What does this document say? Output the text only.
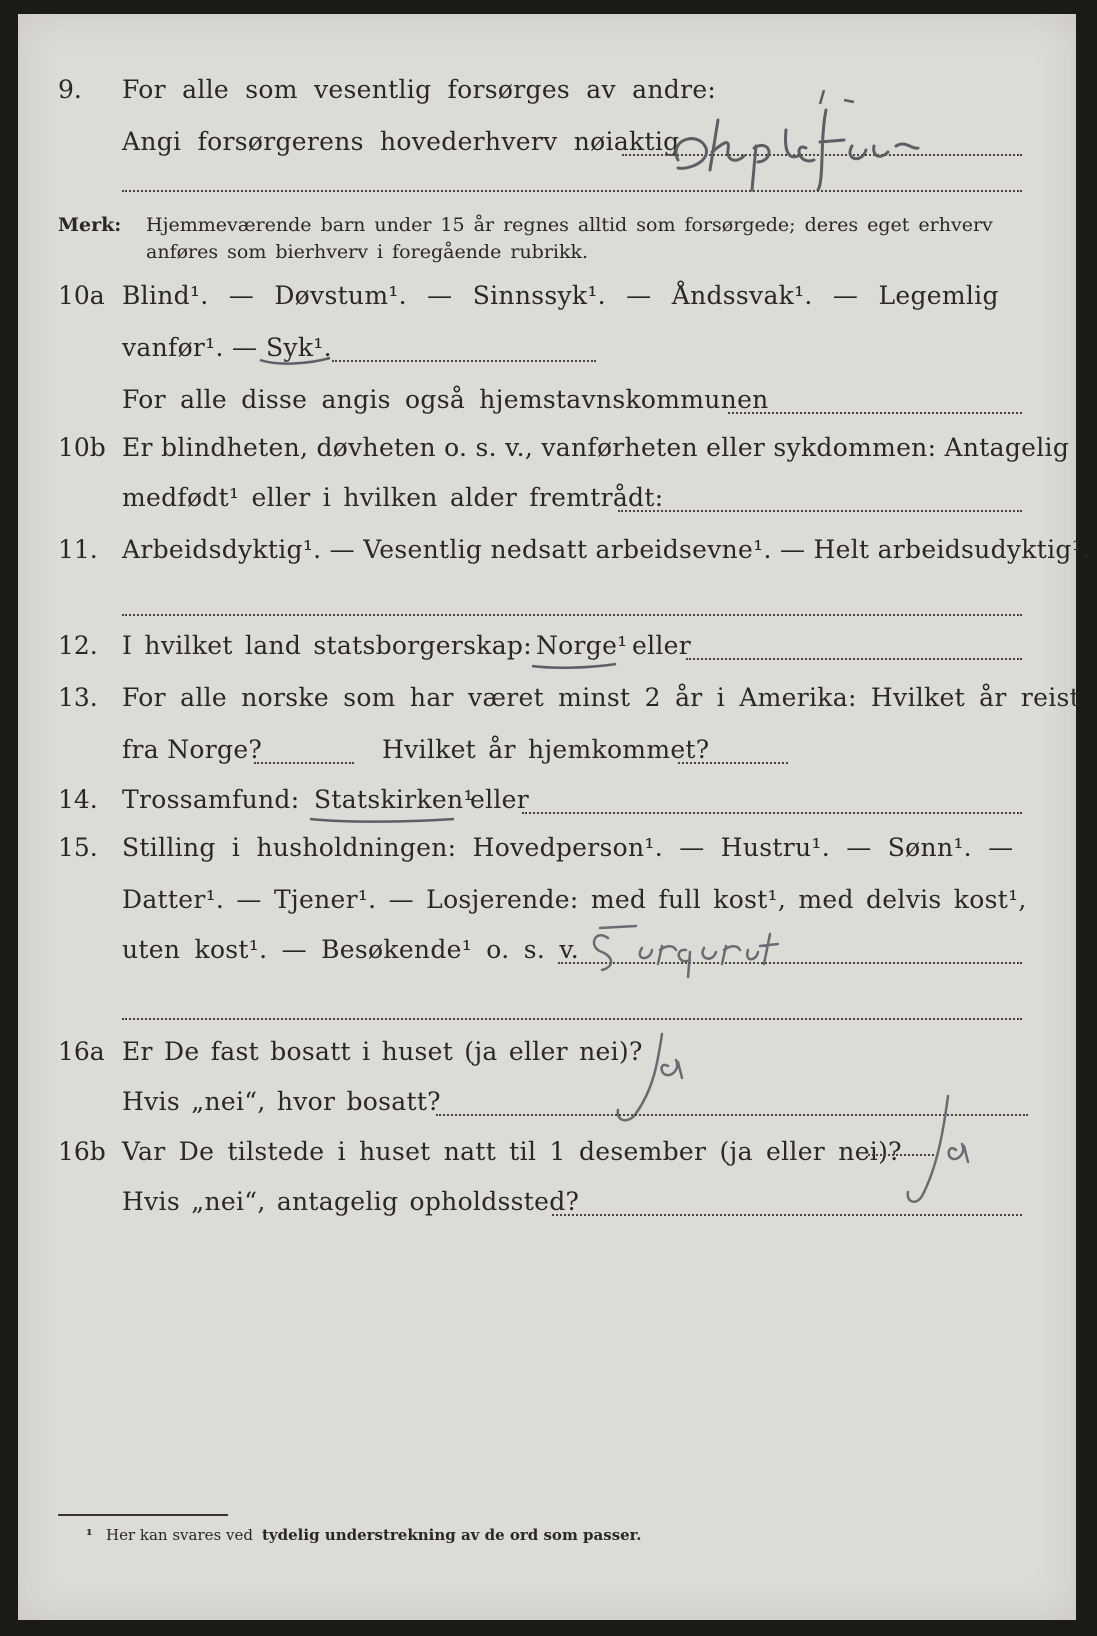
9. For alle som vesentlig forsørges av andre:
Angi forsørgerens hovederhverv nøiaktig
Merk: Hjemmeværende barn under 15 år regnes alltid som forsørgede; deres eget erhverv
anføres som bierhverv i foregående rubrikk.
10a Blind¹. — Døvstum¹. — Sinnssyk¹. — Åndssvak¹. — Legemlig
vanfør¹. — Syk¹.
For alle disse angis også hjemstavnskommunen
10b Er blindheten, døvheten o. s. v., vanførheten eller sykdommen: Antagelig
medfødt¹ eller i hvilken alder fremtrådt:
11. Arbeidsdyktig¹. — Vesentlig nedsatt arbeidsevne¹. — Helt arbeidsudyktig¹.
12. I hvilket land statsborgerskap: Norge¹ eller
13. For alle norske som har været minst 2 år i Amerika: Hvilket år reist
fra Norge?	Hvilket år hjemkommet?
14. Trossamfund: Statskirken¹
eller
15. Stilling i husholdningen: Hovedperson¹. — Hustru¹. — Sønn¹. —
Datter¹. — Tjener¹. — Losjerende: med full kost¹, med delvis kost¹,
uten kost¹. — Besøkende¹ o. s. v.
16a Er De fast bosatt i huset (ja eller nei)?
Hvis „nei“, hvor bosatt?
16b Var De tilstede i huset natt til 1 desember (ja eller nei)?
Hvis „nei“, antagelig opholdssted?
¹ Her kan svares ved tydelig understrekning av de ord som passer.
